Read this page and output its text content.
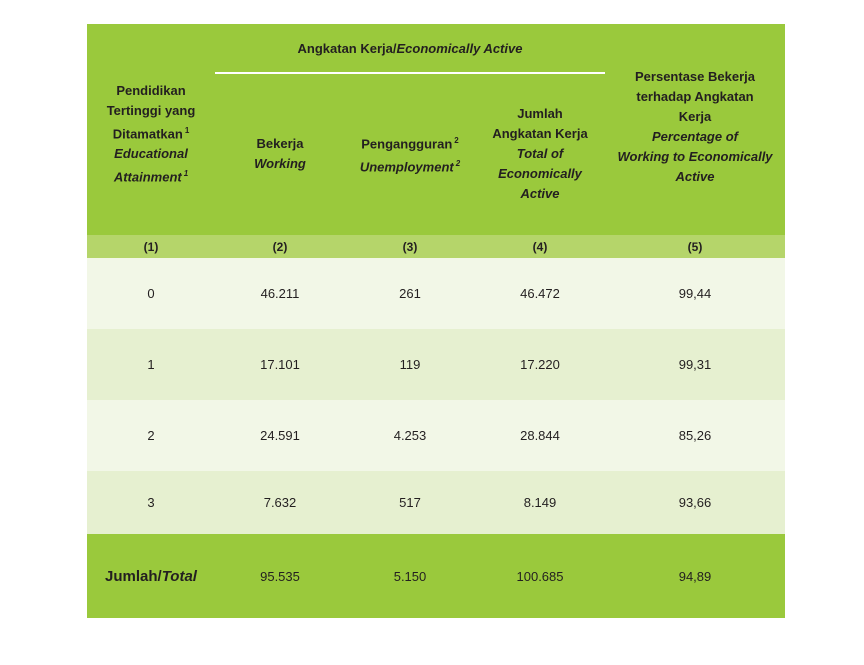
Angkatan Kerja/ Economically Active
Pendidikan
Tertinggi yang
Ditamatkan $^1$
Educational
Attainment $^1$
Bekerja
Working
Pengangguran $^2$
Unemployment $^2$
Jumlah
Angkatan Kerja
Total of
Economically
Active
Persentase Bekerja
terhadap Angkatan
Kerja
Percentage of
Working to Economically
Active
(1)	(2)	(3)	(4)	(5)
0	46.211	261	46.472	99,44
1	17.101	119	17.220	99,31
2	24.591	4.253	28.844	85,26
3	7.632	517	8.149	93,66
Jumlah/ Total	95.535	5.150	100.685	94,89
